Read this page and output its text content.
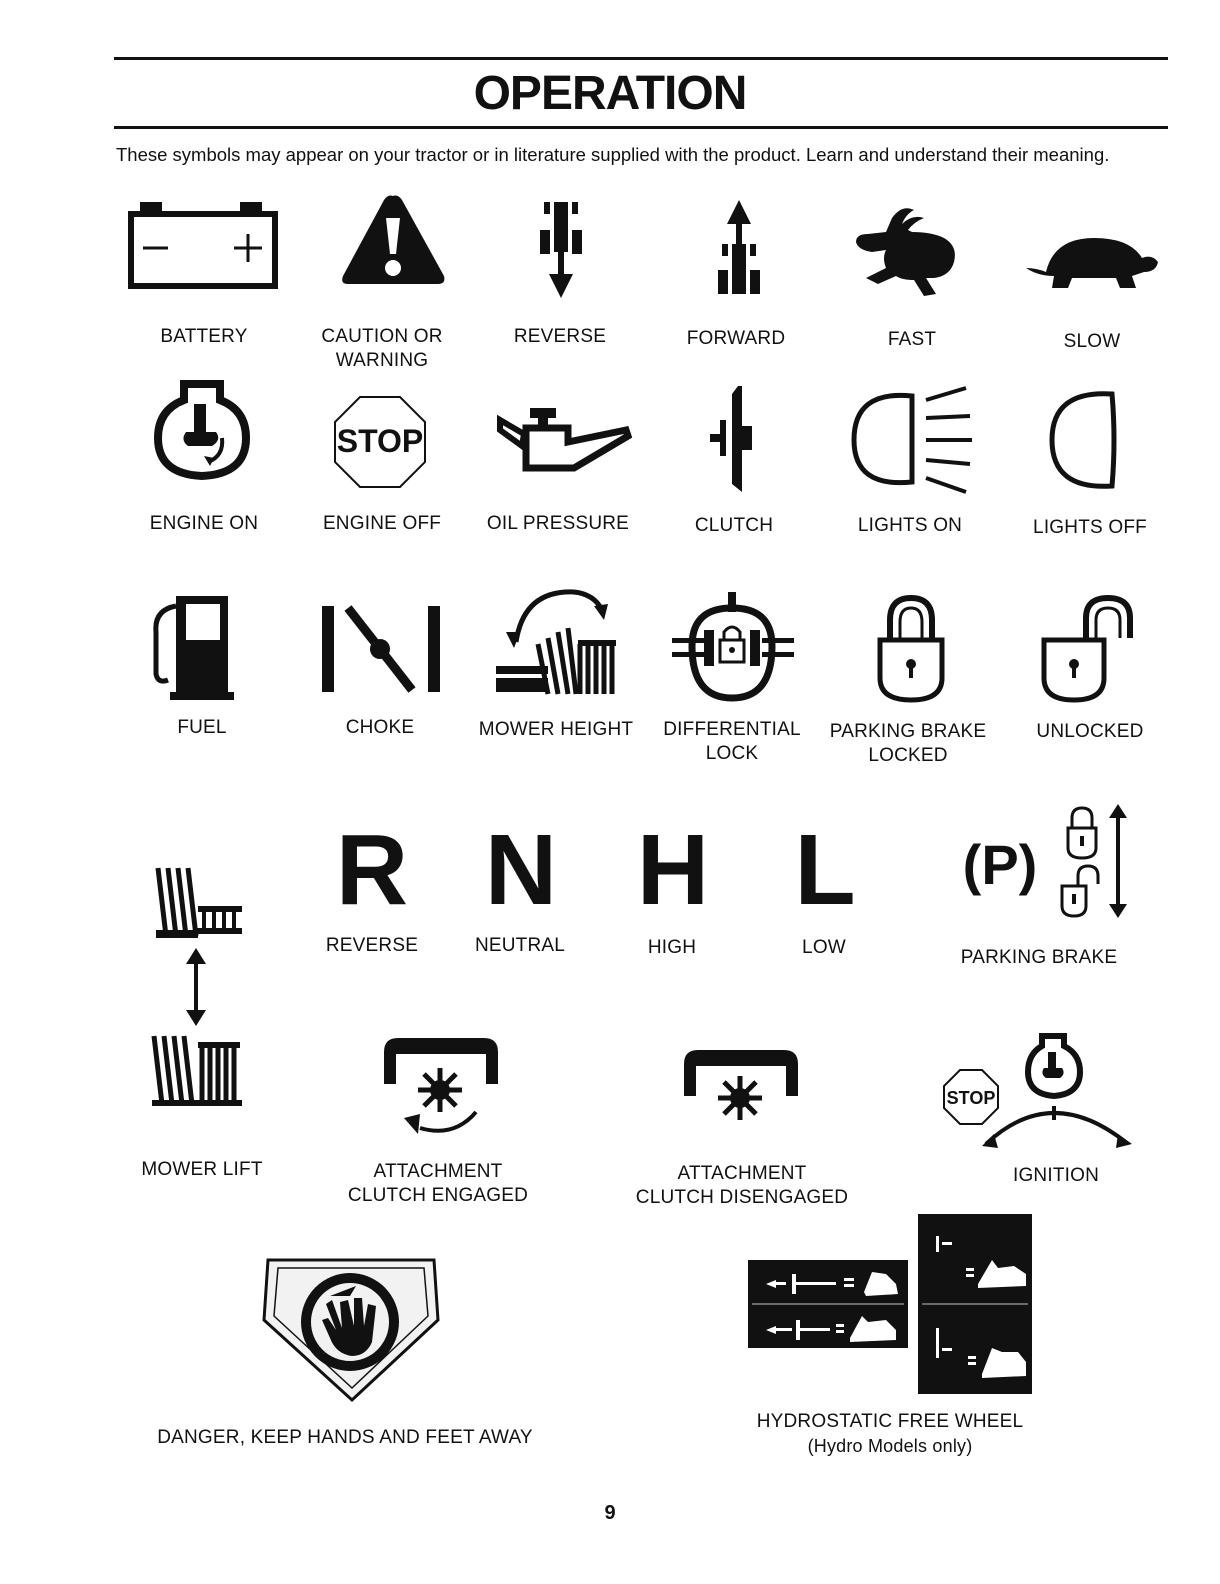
OPERATION
These symbols may appear on your tractor or in literature supplied with the product. Learn and understand their meaning.
BATTERY	CAUTION OR
WARNING
REVERSE	FORWARD	FAST	SLOW
ENGINE ON
STOP
ENGINE OFF	OIL PRESSURE	CLUTCH	LIGHTS ON	LIGHTS OFF
FUEL	CHOKE	MOWER HEIGHT	DIFFERENTIAL
LOCK
PARKING BRAKE
LOCKED
UNLOCKED
MOWER LIFT
R
REVERSE
N
NEUTRAL
H
HIGH
L
LOW
(P)
PARKING BRAKE
ATTACHMENT
CLUTCH ENGAGED
ATTACHMENT
CLUTCH DISENGAGED
STOP
IGNITION
DANGER, KEEP HANDS AND FEET AWAY
HYDROSTATIC FREE WHEEL
(Hydro Models only)
9
